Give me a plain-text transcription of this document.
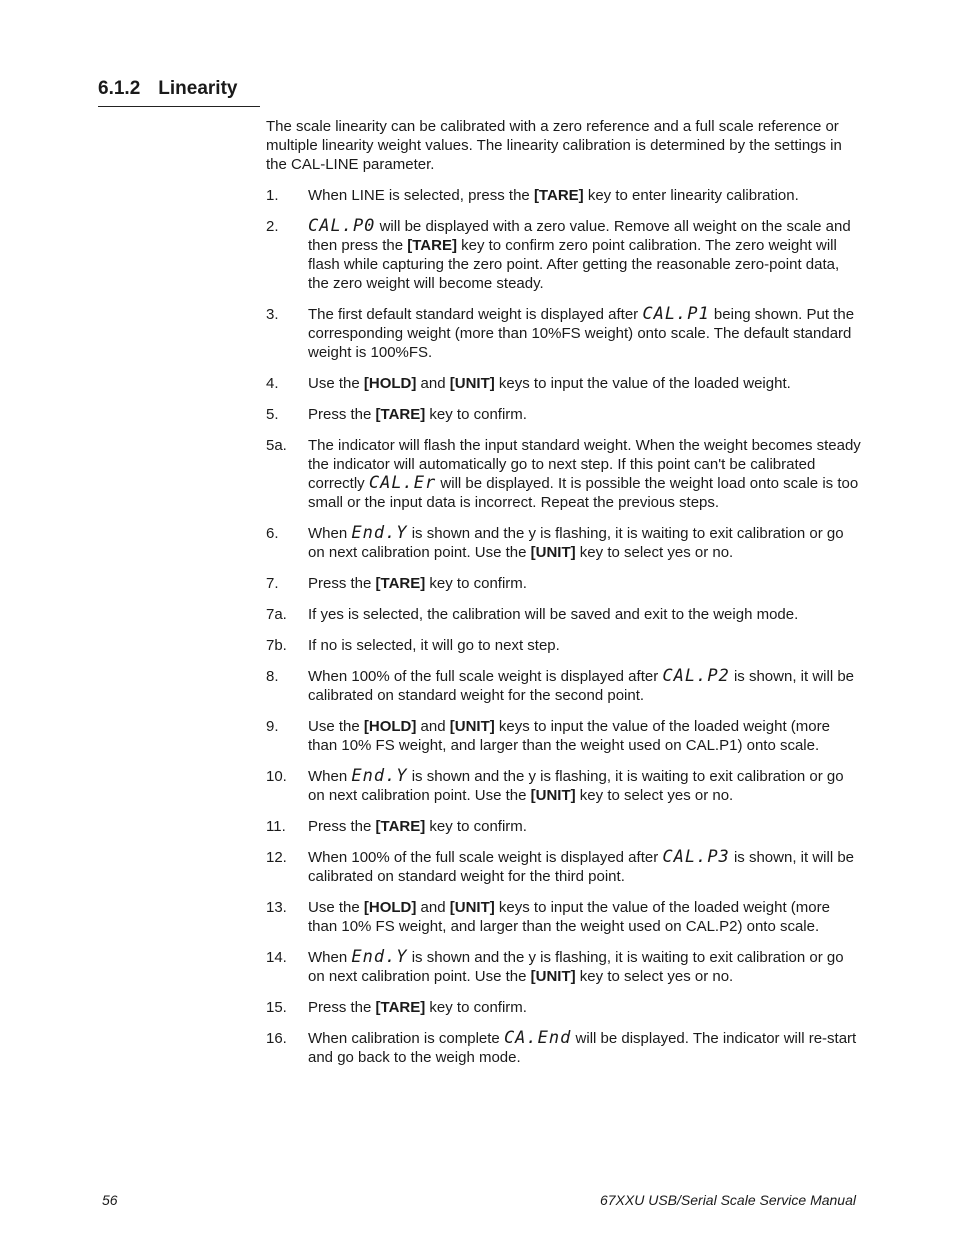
6.1.2 Linearity

The scale linearity can be calibrated with a zero reference and a full scale reference or multiple linearity weight values. The linearity calibration is determined by the settings in the CAL-LINE parameter.

1. When LINE is selected, press the [TARE] key to enter linearity calibration.
2. CAL.P0 will be displayed with a zero value. Remove all weight on the scale and then press the [TARE] key to confirm zero point calibration. The zero weight will flash while capturing the zero point. After getting the reasonable zero-point data, the zero weight will become steady.
3. The first default standard weight is displayed after CAL.P1 being shown. Put the corresponding weight (more than 10%FS weight) onto scale. The default standard weight is 100%FS.
4. Use the [HOLD] and [UNIT] keys to input the value of the loaded weight.
5. Press the [TARE] key to confirm.
5a. The indicator will flash the input standard weight. When the weight becomes steady the indicator will automatically go to next step. If this point can't be calibrated correctly CAL.Er will be displayed. It is possible the weight load onto scale is too small or the input data is incorrect. Repeat the previous steps.
6. When End.Y is shown and the y is flashing, it is waiting to exit calibration or go on next calibration point. Use the [UNIT] key to select yes or no.
7. Press the [TARE] key to confirm.
7a. If yes is selected, the calibration will be saved and exit to the weigh mode.
7b. If no is selected, it will go to next step.
8. When 100% of the full scale weight is displayed after CAL.P2 is shown, it will be calibrated on standard weight for the second point.
9. Use the [HOLD] and [UNIT] keys to input the value of the loaded weight (more than 10% FS weight, and larger than the weight used on CAL.P1) onto scale.
10. When End.Y is shown and the y is flashing, it is waiting to exit calibration or go on next calibration point. Use the [UNIT] key to select yes or no.
11. Press the [TARE] key to confirm.
12. When 100% of the full scale weight is displayed after CAL.P3 is shown, it will be calibrated on standard weight for the third point.
13. Use the [HOLD] and [UNIT] keys to input the value of the loaded weight (more than 10% FS weight, and larger than the weight used on CAL.P2) onto scale.
14. When End.Y is shown and the y is flashing, it is waiting to exit calibration or go on next calibration point. Use the [UNIT] key to select yes or no.
15. Press the [TARE] key to confirm.
16. When calibration is complete CA.End will be displayed. The indicator will re-start and go back to the weigh mode.
56	67XXU USB/Serial Scale Service Manual
